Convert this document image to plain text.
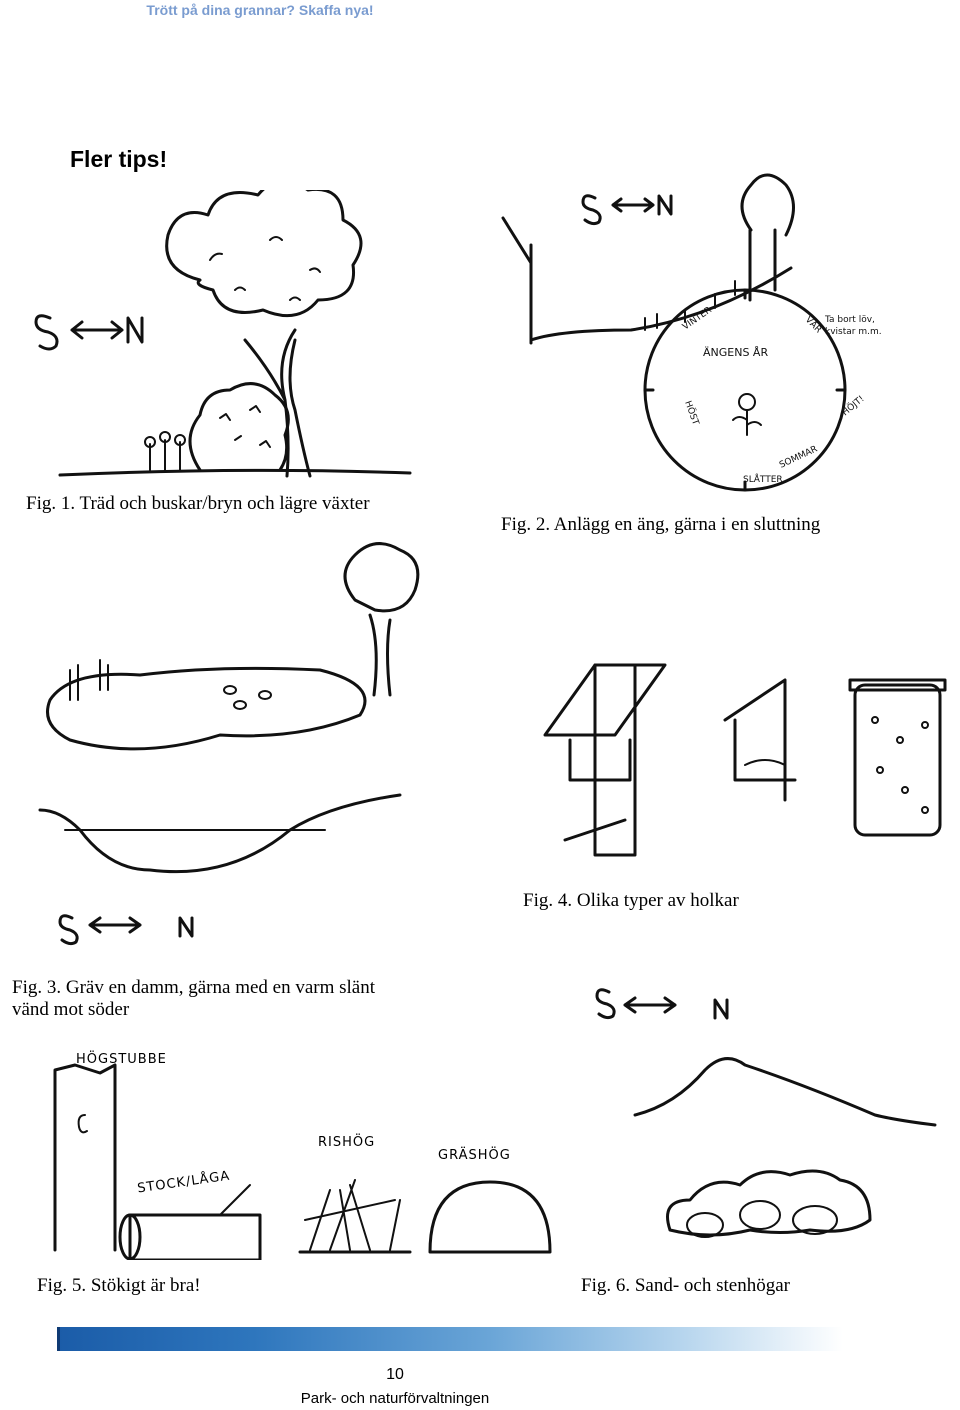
Trött på dina grannar? Skaffa nya!
Fler tips!
Fig. 1. Träd och buskar/bryn och lägre växter
ÄNGENS ÅR
VINTER	VÅR Ta bort löv,
kvistar m.m.
HÖST	HÖJT!
SOMMAR
SLÅTTER
Fig. 2. Anlägg en äng, gärna i en sluttning
Fig. 3. Gräv en damm, gärna med en varm slänt
vänd mot söder
Fig. 4. Olika typer av holkar
HÖGSTUBBE
STOCK/LÅGA
RISHÖG
GRÄSHÖG
Fig. 5. Stökigt är bra!	Fig. 6. Sand- och stenhögar
10
Park- och naturförvaltningen
